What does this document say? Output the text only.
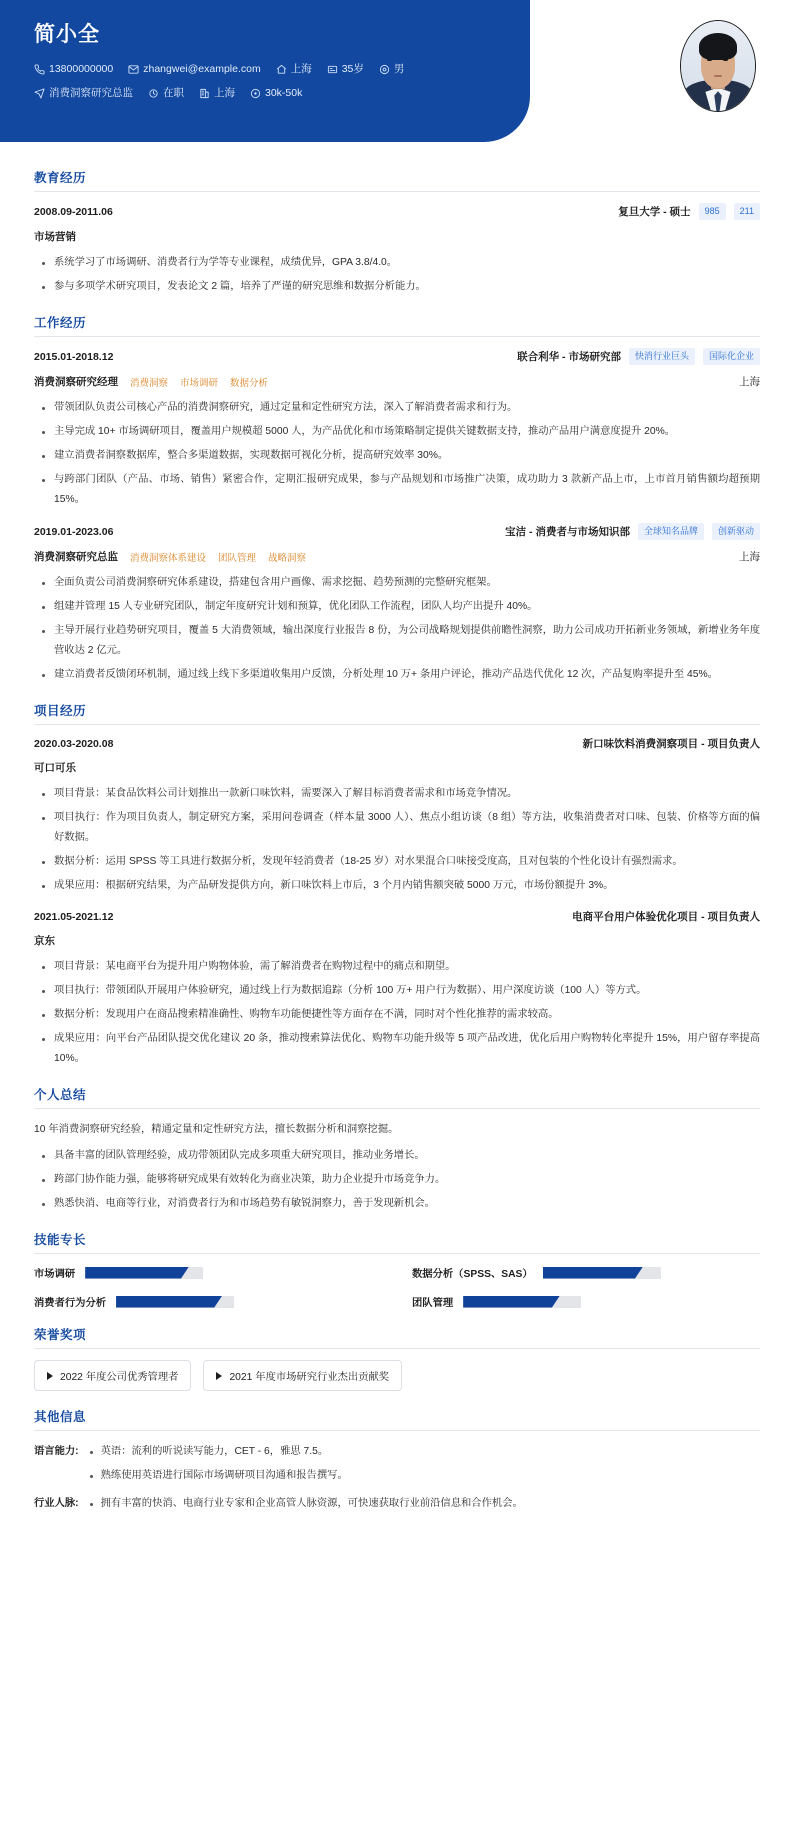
简小全
13800000000	zhangwei@example.com	上海	35岁	男
消费洞察研究总监	在职	上海	30k-50k
教育经历
2008.09-2011.06	复旦大学 - 硕士	985	211
市场营销
系统学习了市场调研、消费者行为学等专业课程，成绩优异，GPA 3.8/4.0。
参与多项学术研究项目，发表论文 2 篇，培养了严谨的研究思维和数据分析能力。
工作经历
2015.01-2018.12	联合利华 - 市场研究部	快消行业巨头	国际化企业
消费洞察研究经理 消费洞察 市场调研 数据分析	上海
带领团队负责公司核心产品的消费洞察研究，通过定量和定性研究方法，深入了解消费者需求和行为。
主导完成 10+ 市场调研项目，覆盖用户规模超 5000 人，为产品优化和市场策略制定提供关键数据支持，推动产品用户满意度提升 20%。
建立消费者洞察数据库，整合多渠道数据，实现数据可视化分析，提高研究效率 30%。
与跨部门团队（产品、市场、销售）紧密合作，定期汇报研究成果，参与产品规划和市场推广决策，成功助力 3 款新产品上市，上市首月销售额均超预期 15%。
2019.01-2023.06	宝洁 - 消费者与市场知识部	全球知名品牌	创新驱动
消费洞察研究总监 消费洞察体系建设 团队管理 战略洞察	上海
全面负责公司消费洞察研究体系建设，搭建包含用户画像、需求挖掘、趋势预测的完整研究框架。
组建并管理 15 人专业研究团队，制定年度研究计划和预算，优化团队工作流程，团队人均产出提升 40%。
主导开展行业趋势研究项目，覆盖 5 大消费领域，输出深度行业报告 8 份，为公司战略规划提供前瞻性洞察，助力公司成功开拓新业务领域，新增业务年度营收达 2 亿元。
建立消费者反馈闭环机制，通过线上线下多渠道收集用户反馈，分析处理 10 万+ 条用户评论，推动产品迭代优化 12 次，产品复购率提升至 45%。
项目经历
2020.03-2020.08	新口味饮料消费洞察项目 - 项目负责人
可口可乐
项目背景：某食品饮料公司计划推出一款新口味饮料，需要深入了解目标消费者需求和市场竞争情况。
项目执行：作为项目负责人，制定研究方案，采用问卷调查（样本量 3000 人）、焦点小组访谈（8 组）等方法，收集消费者对口味、包装、价格等方面的偏好数据。
数据分析：运用 SPSS 等工具进行数据分析，发现年轻消费者（18-25 岁）对水果混合口味接受度高，且对包装的个性化设计有强烈需求。
成果应用：根据研究结果，为产品研发提供方向，新口味饮料上市后，3 个月内销售额突破 5000 万元，市场份额提升 3%。
2021.05-2021.12	电商平台用户体验优化项目 - 项目负责人
京东
项目背景：某电商平台为提升用户购物体验，需了解消费者在购物过程中的痛点和期望。
项目执行：带领团队开展用户体验研究，通过线上行为数据追踪（分析 100 万+ 用户行为数据）、用户深度访谈（100 人）等方式。
数据分析：发现用户在商品搜索精准确性、购物车功能便捷性等方面存在不满，同时对个性化推荐的需求较高。
成果应用：向平台产品团队提交优化建议 20 条，推动搜索算法优化、购物车功能升级等 5 项产品改进，优化后用户购物转化率提升 15%，用户留存率提高 10%。
个人总结
10 年消费洞察研究经验，精通定量和定性研究方法，擅长数据分析和洞察挖掘。
具备丰富的团队管理经验，成功带领团队完成多项重大研究项目，推动业务增长。
跨部门协作能力强，能够将研究成果有效转化为商业决策，助力企业提升市场竞争力。
熟悉快消、电商等行业，对消费者行为和市场趋势有敏锐洞察力，善于发现新机会。
技能专长
市场调研	数据分析（SPSS、SAS）
消费者行为分析	团队管理
荣誉奖项
2022 年度公司优秀管理者	2021 年度市场研究行业杰出贡献奖
其他信息
语言能力:	英语：流利的听说读写能力，CET - 6，雅思 7.5。
熟练使用英语进行国际市场调研项目沟通和报告撰写。
行业人脉:	拥有丰富的快消、电商行业专家和企业高管人脉资源，可快速获取行业前沿信息和合作机会。
